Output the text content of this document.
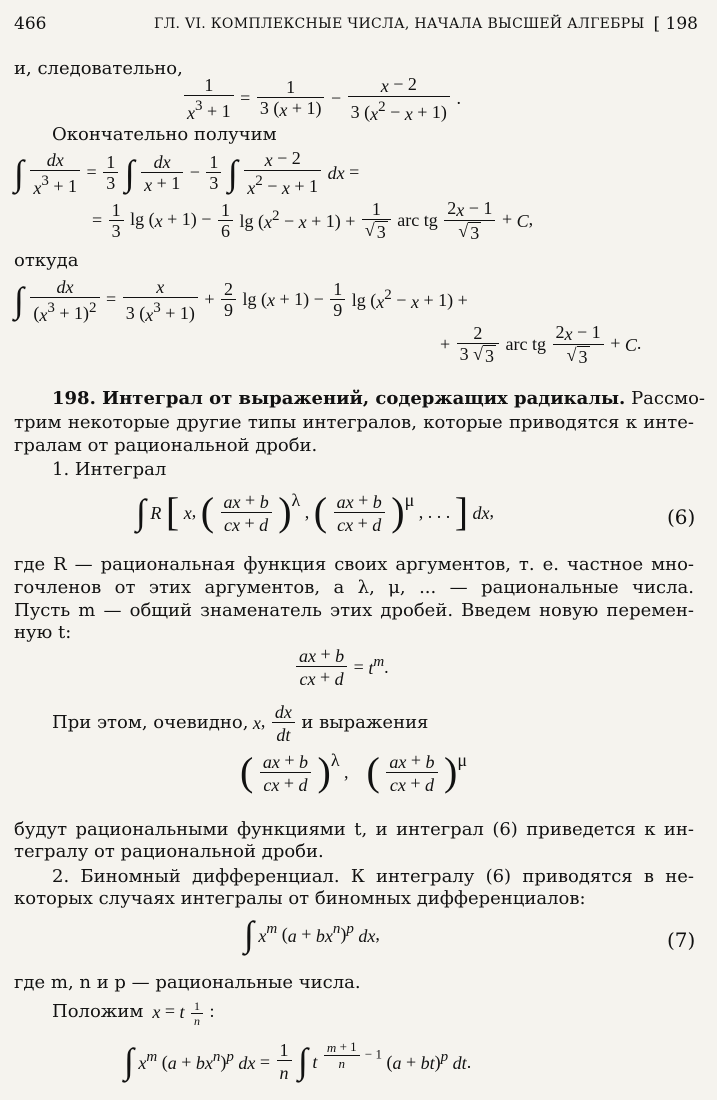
466	ГЛ. VI. КОМПЛЕКСНЫЕ ЧИСЛА, НАЧАЛА ВЫСШЕЙ АЛГЕБРЫ [ 198
и, следовательно,
$\frac{1}{x^3 + 1} = \frac{1}{3 (x + 1)} - \frac{x - 2}{3 (x^2 - x + 1)}$ .
Окончательно получим
∫ $\frac{dx}{x^3 + 1} = \frac{1}{3}$ ∫ $\frac{dx}{x + 1} - \frac{1}{3}$ ∫ $\frac{x - 2}{x^2 - x + 1}$ dx =
= $\frac{1}{3}$ $\lg (x + 1) - \frac{1}{6}$ $\lg (x^2 - x + 1) + \frac{1}{√ 3}$ arc tg $\frac{2x - 1}{√ 3} + C$,
откуда
∫ $\frac{dx}{(x^3 + 1)^2} = \frac{x}{3 (x^3 + 1)} + \frac{2}{9}$ $\lg (x + 1) - \frac{1}{9}$ $\lg (x^2 - x + 1)$ +
+ $\frac{2}{3 √ 3}$ arc tg $\frac{2x - 1}{√ 3} + C$.
198. Интеграл от выражений, содержащих радикалы. Рассмо-
трим некоторые другие типы интегралов, которые приводятся к инте-
гралам от рациональной дроби.
1. Интеграл
∫ R [ x, ( $\frac{ax + b}{cx + d} )\lambda$ , ( $\frac{ax + b}{cx + d} )\mu$ , . . . ] dx,	(6)
где R — рациональная функция своих аргументов, т. е. частное мно-
гочленов от этих аргументов, а λ, μ, ... — рациональные числа.
Пусть m — общий знаменатель этих дробей. Введем новую перемен-
ную t:
$\frac{ax + b}{cx + d} = t^m$.
При этом, очевидно, x, $\frac{dx}{dt}$ и выражения
( $\frac{ax + b}{cx + d} )\lambda$ ,    ( $\frac{ax + b}{cx + d} )\mu$
будут рациональными функциями t, и интеграл (6) приведется к ин-
тегралу от рациональной дроби.
2. Биномный дифференциал. К интегралу (6) приводятся в не-
которых случаях интегралы от биномных дифференциалов:
∫ $x^m$ $(a + bx^n)^p$ dx,	(7)
где m, n и p — рациональные числа.
Положим x = t $\frac{1}{n}$ :
∫ $x^m$ $(a + bx^n)^p$ dx = $\frac{1}{n}$ ∫ t $\frac{m + 1}{n} - 1$ (a + bt)$^p$ dt.
